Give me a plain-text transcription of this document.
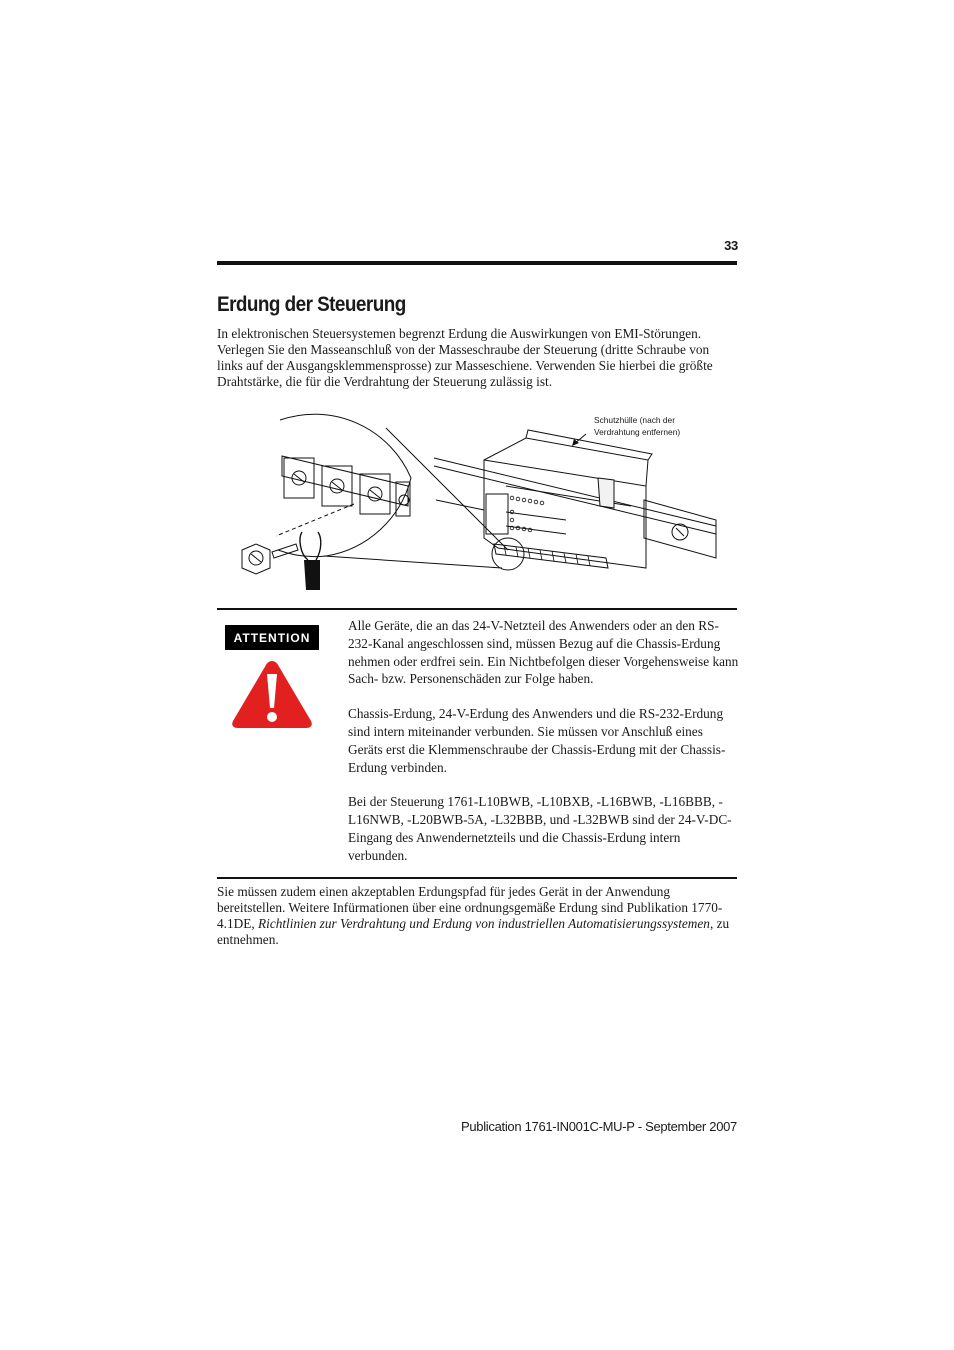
33
Erdung der Steuerung

In elektronischen Steuersystemen begrenzt Erdung die Auswirkungen von EMI-Störungen. Verlegen Sie den Masseanschluß von der Masseschraube der Steuerung (dritte Schraube von links auf der Ausgangsklemmensprosse) zur Masseschiene. Verwenden Sie hierbei die größte Drahtstärke, die für die Verdrahtung der Steuerung zulässig ist.

Schutzhülle (nach der
Verdrahtung entfernen)
ATTENTION

Alle Geräte, die an das 24-V-Netzteil des Anwenders oder an den RS-232-Kanal angeschlossen sind, müssen Bezug auf die Chassis-Erdung nehmen oder erdfrei sein. Ein Nichtbefolgen dieser Vorgehensweise kann Sach- bzw. Personenschäden zur Folge haben.

Chassis-Erdung, 24-V-Erdung des Anwenders und die RS-232-Erdung sind intern miteinander verbunden. Sie müssen vor Anschluß eines Geräts erst die Klemmenschraube der Chassis-Erdung mit der Chassis-Erdung verbinden.

Bei der Steuerung 1761-L10BWB, -L10BXB, -L16BWB, -L16BBB, -L16NWB, -L20BWB-5A, -L32BBB, und -L32BWB sind der 24-V-DC-Eingang des Anwendernetzteils und die Chassis-Erdung intern verbunden.

Sie müssen zudem einen akzeptablen Erdungspfad für jedes Gerät in der Anwendung bereitstellen. Weitere Infürmationen über eine ordnungsgemäße Erdung sind Publikation 1770-4.1DE, Richtlinien zur Verdrahtung und Erdung von industriellen Automatisierungssystemen, zu entnehmen.

Publication 1761-IN001C-MU-P - September 2007
